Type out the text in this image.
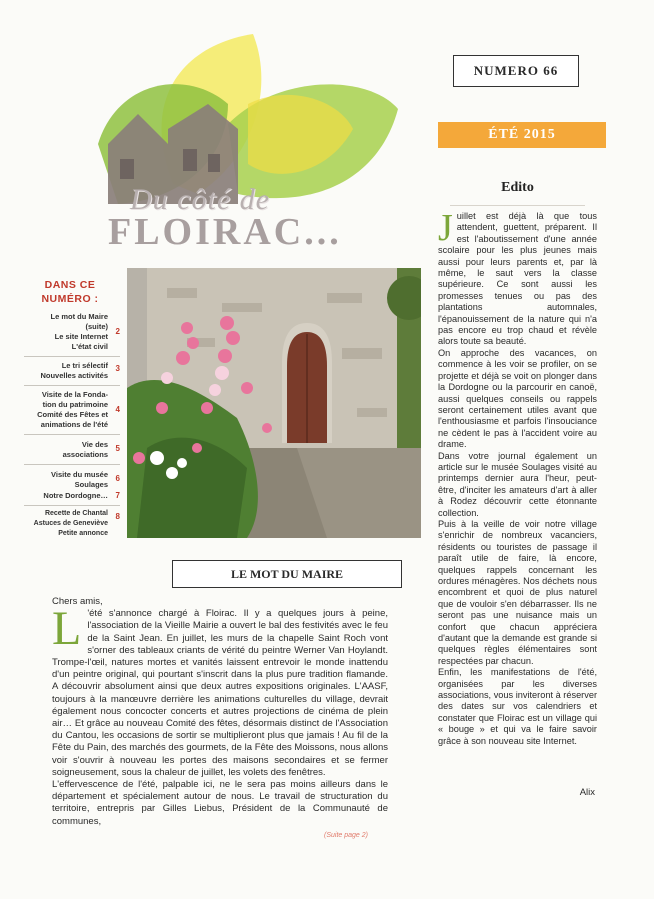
Du côté de
FLOIRAC...
NUMERO 66
ÉTÉ 2015
DANS CE NUMÉRO :
Le mot du Maire
(suite)
Le site Internet
L'état civil
2
Le tri sélectif
Nouvelles activités
3
Visite de la Fonda-
tion du patrimoine
Comité des Fêtes et
animations de l'été
4
Vie des
associations
5
Visite du musée
Soulages
6
Notre Dordogne… 7
Recette de Chantal
Astuces de Geneviève
Petite annonce
8
Edito

J uillet est déjà là que tous attendent, guettent, préparent. Il est l'aboutissement d'une année scolaire pour les plus jeunes mais aussi pour leurs parents et, par là même, le saut vers la classe supérieure. Ce sont aussi les promesses tenues ou pas des plantations automnales, l'épanouissement de la nature qui n'a pas encore eu trop chaud et révèle alors toute sa beauté.

On approche des vacances, on commence à les voir se profiler, on se projette et déjà se voit on plonger dans la Dordogne ou la parcourir en canoë, aussi quelques conseils ou rappels seront certainement utiles avant que l'enthousiasme et parfois l'insouciance ne cèdent le pas à l'accident voire au drame.

Dans votre journal également un article sur le musée Soulages visité au printemps dernier aura l'heur, peut-être, d'inciter les amateurs d'art à aller à Rodez découvrir cette étonnante collection.

Puis à la veille de voir notre village s'enrichir de nombreux vacanciers, résidents ou touristes de passage il paraît utile de faire, là encore, quelques rappels concernant les ordures ménagères. Nos déchets nous encombrent et quoi de plus naturel que de vouloir s'en débarrasser. Ils ne seront pas une nuisance mais un confort que chacun appréciera d'autant que la demande est grande si quelques règles élémentaires sont respectées par chacun.

Enfin, les manifestations de l'été, organisées par les diverses associations, vous inviteront à réserver des dates sur vos calendriers et constater que Floirac est un village qui « bouge » et qui va le faire savoir grâce à son nouveau site Internet.

Alix
LE MOT DU MAIRE

Chers amis,

L 'été s'annonce chargé à Floirac. Il y a quelques jours à peine, l'association de la Vieille Mairie a ouvert le bal des festivités avec le feu de la Saint Jean. En juillet, les murs de la chapelle Saint Roch vont s'orner des tableaux criants de vérité du peintre Werner Van Hoylandt. Trompe-l'œil, natures mortes et vanités laissent entrevoir le monde inattendu d'un peintre original, qui pourtant s'inscrit dans la plus pure tradition flamande. A découvrir absolument ainsi que deux autres expositions originales. L'AASF, toujours à la manœuvre derrière les animations culturelles du village, devrait également nous concocter concerts et autres projections de cinéma de plein air… Et grâce au nouveau Comité des fêtes, désormais distinct de l'Association du Cantou, les occasions de sortir se multiplieront plus que jamais ! Au fil de la Fête du Pain, des marchés des gourmets, de la Fête des Moissons, nous allons voir s'ouvrir à nouveau les portes des maisons secondaires et se fermer soigneusement, sous la chaleur de juillet, les volets des fenêtres.

L'effervescence de l'été, palpable ici, ne le sera pas moins ailleurs dans le département et spécialement autour de nous. Le travail de structuration du territoire, entrepris par Gilles Liebus, Président de la Communauté de communes,

(Suite page 2)
